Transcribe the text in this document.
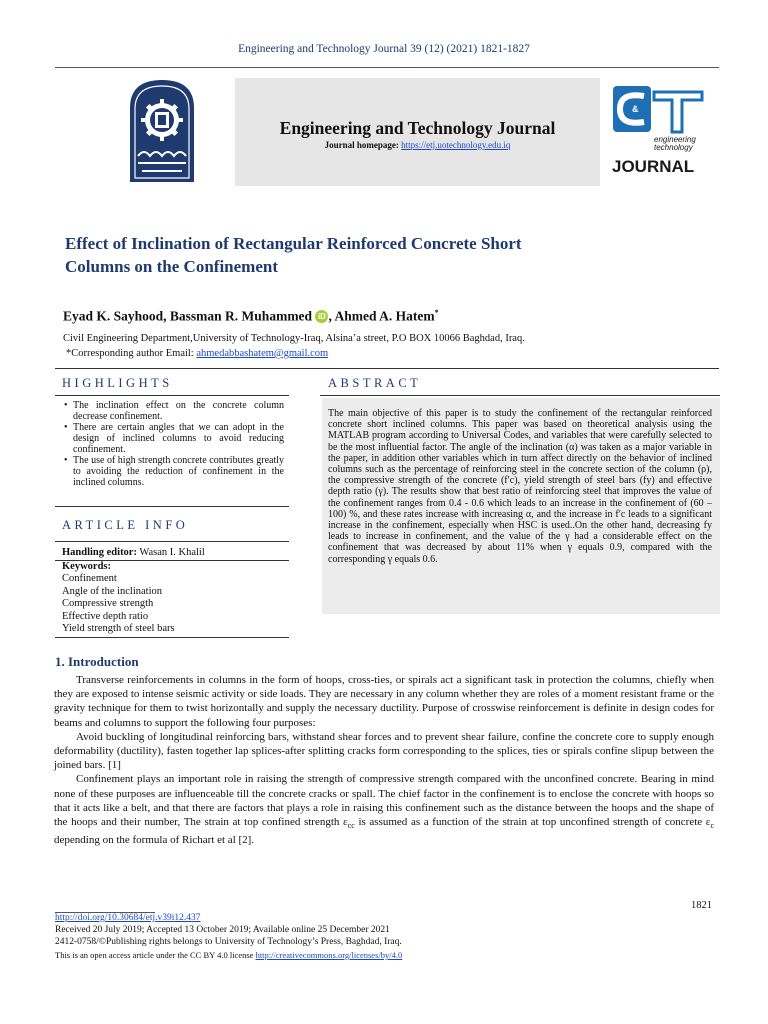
Engineering and Technology Journal 39 (12) (2021) 1821-1827
Engineering and Technology Journal
Journal homepage: https://etj.uotechnology.edu.iq
&
engineering
technology
JOURNAL
Effect of Inclination of Rectangular Reinforced Concrete Short
Columns on the Confinement
Eyad K. Sayhood, Bassman R. Muhammed iD , Ahmed A. Hatem*
Civil Engineering Department,University of Technology-Iraq, Alsina’a street, P.O BOX 10066 Baghdad, Iraq.
*Corresponding author Email: ahmedabbashatem@gmail.com
HIGHLIGHTS

• The inclination effect on the concrete column decrease confinement.

• There are certain angles that we can adopt in the design of inclined columns to avoid reducing confinement.

• The use of high strength concrete contributes greatly to avoiding the reduction of confinement in the inclined columns.

ARTICLE INFO
Handling editor: Wasan I. Khalil
Keywords:
Confinement
Angle of the inclination
Compressive strength
Effective depth ratio
Yield strength of steel bars
ABSTRACT
The main objective of this paper is to study the confinement of the rectangular reinforced concrete short inclined columns. This paper was based on theoretical analysis using the MATLAB program according to Universal Codes, and variables that were carefully selected to be the most influential factor. The angle of the inclination (α) was taken as a major variable in the paper, in addition other variables which in turn affect directly on the behavior of inclined columns such as the percentage of reinforcing steel in the concrete section of the column (ρ), the compressive strength of the concrete (f′c), yield strength of steel bars (fy) and effective depth ratio (γ). The results show that best ratio of reinforcing steel that improves the value of the confinement ranges from 0.4 - 0.6 which leads to an increase in the confinement of (60 – 100) %, and these rates increase with increasing α, and the increase in f′c leads to a significant increase in the confinement, especially when HSC is used..On the other hand, decreasing fy leads to increase in confinement, and the value of the γ had a considerable effect on the confinement that was decreased by about 11% when γ equals 0.9, compared with the corresponding γ equals 0.6.
1. Introduction

Transverse reinforcements in columns in the form of hoops, cross-ties, or spirals act a significant task in protection the columns, chiefly when they are exposed to intense seismic activity or side loads. They are necessary in any column whether they are roles of a moment resistant frame or the gravity technique for them to twist horizontally and supply the necessary ductility. Purpose of crosswise reinforcement is definite in design codes for beams and columns to support the following four purposes:

Avoid buckling of longitudinal reinforcing bars, withstand shear forces and to prevent shear failure, confine the concrete core to supply enough deformability (ductility), fasten together lap splices-after splitting cracks form corresponding to the splices, ties or spirals confine slipup between the joined bars. [1]

Confinement plays an important role in raising the strength of compressive strength compared with the unconfined concrete. Bearing in mind none of these purposes are influenceable till the concrete cracks or spall. The chief factor in the confinement is to enclose the concrete with hoops so that it acts like a belt, and that there are factors that plays a role in raising this confinement such as the distance between the hoops and the shape of the hoops and their number, The strain at top confined strength $\varepsilon_{cc}$ is assumed as a function of the strain at top unconfined strength of concrete $\varepsilon_c$ depending on the formula of Richart et al [2].

1821
http://doi.org/10.30684/etj.v39i12.437
Received 20 July 2019; Accepted 13 October 2019; Available online 25 December 2021
2412-0758/©Publishing rights belongs to University of Technology’s Press, Baghdad, Iraq.
This is an open access article under the CC BY 4.0 license http://creativecommons.org/licenses/by/4.0
